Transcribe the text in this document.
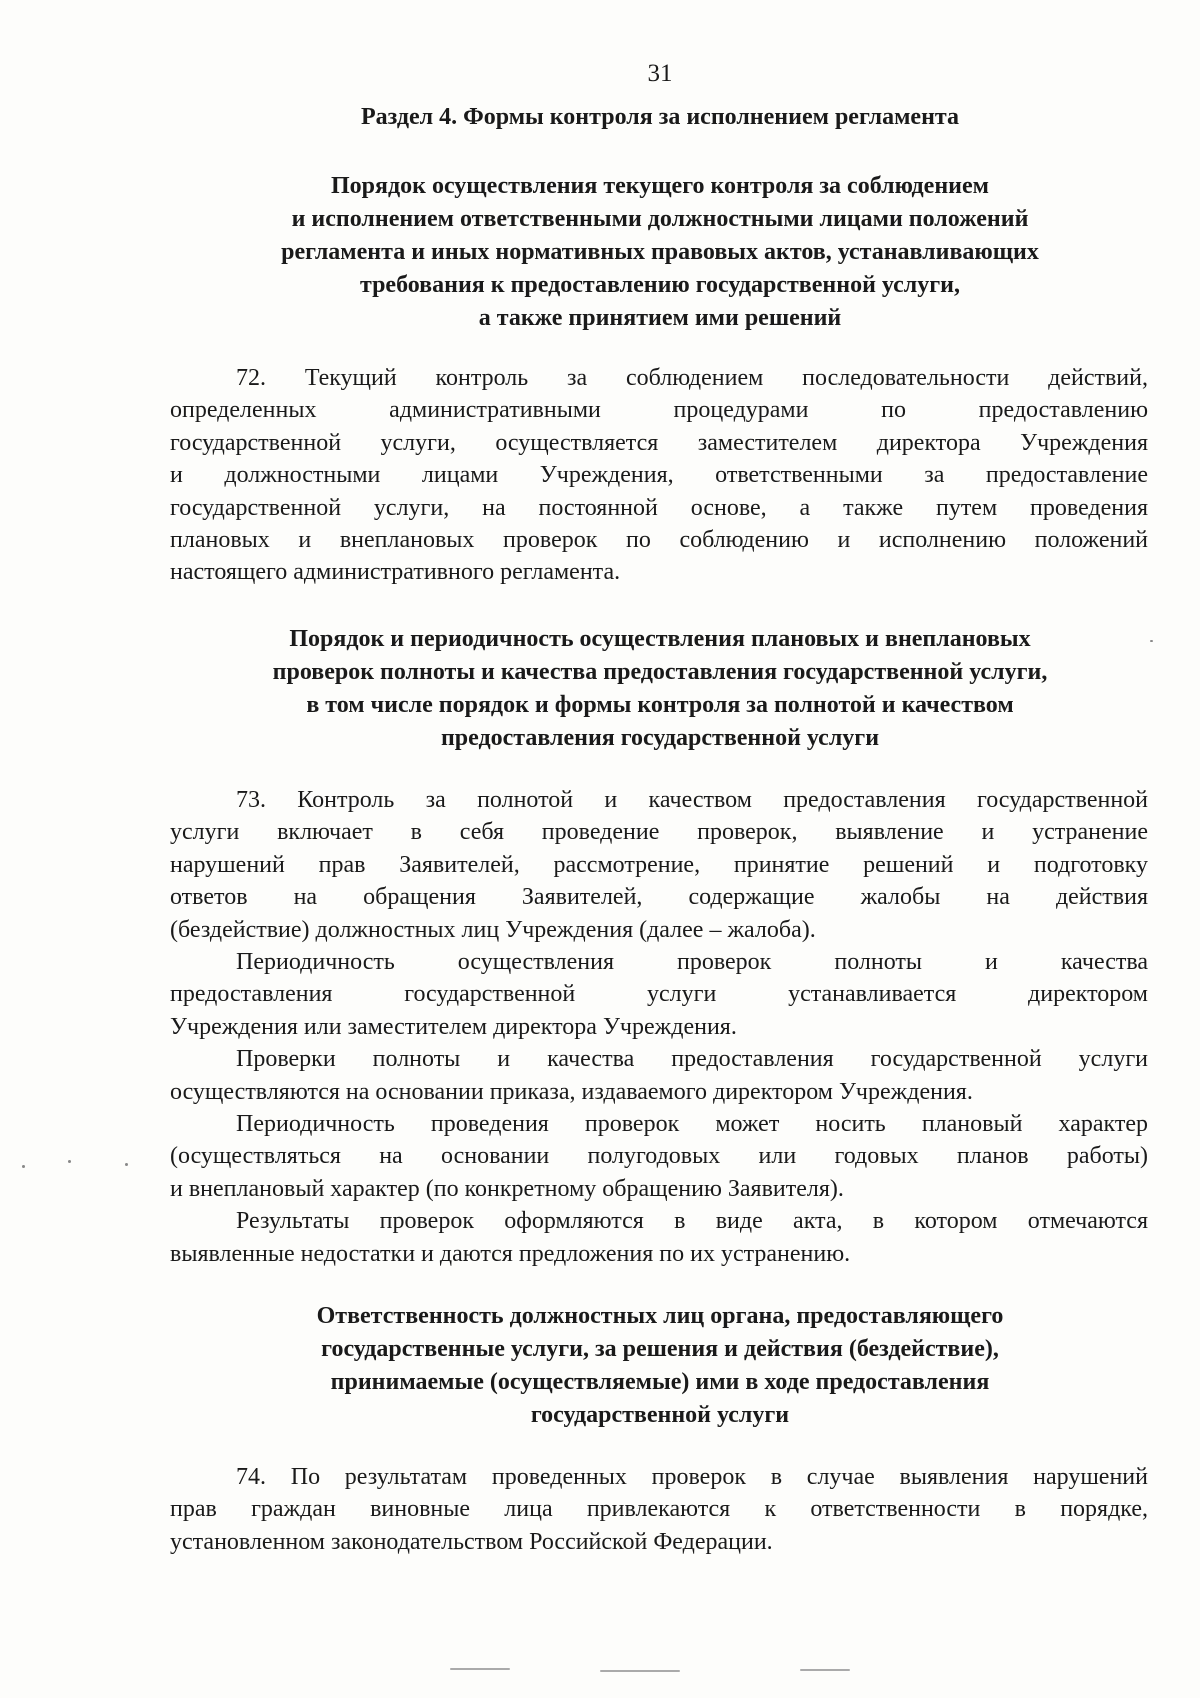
31
Раздел 4. Формы контроля за исполнением регламента
Порядок осуществления текущего контроля за соблюдением
и исполнением ответственными должностными лицами положений
регламента и иных нормативных правовых актов, устанавливающих
требования к предоставлению государственной услуги,
а также принятием ими решений
72. Текущий контроль за соблюдением последовательности действий,
определенных административными процедурами по предоставлению
государственной услуги, осуществляется заместителем директора Учреждения
и должностными лицами Учреждения, ответственными за предоставление
государственной услуги, на постоянной основе, а также путем проведения
плановых и внеплановых проверок по соблюдению и исполнению положений
настоящего административного регламента.
Порядок и периодичность осуществления плановых и внеплановых
проверок полноты и качества предоставления государственной услуги,
в том числе порядок и формы контроля за полнотой и качеством
предоставления государственной услуги
73. Контроль за полнотой и качеством предоставления государственной
услуги включает в себя проведение проверок, выявление и устранение
нарушений прав Заявителей, рассмотрение, принятие решений и подготовку
ответов на обращения Заявителей, содержащие жалобы на действия
(бездействие) должностных лиц Учреждения (далее – жалоба).
Периодичность осуществления проверок полноты и качества
предоставления государственной услуги устанавливается директором
Учреждения или заместителем директора Учреждения.
Проверки полноты и качества предоставления государственной услуги
осуществляются на основании приказа, издаваемого директором Учреждения.
Периодичность проведения проверок может носить плановый характер
(осуществляться на основании полугодовых или годовых планов работы)
и внеплановый характер (по конкретному обращению Заявителя).
Результаты проверок оформляются в виде акта, в котором отмечаются
выявленные недостатки и даются предложения по их устранению.
Ответственность должностных лиц органа, предоставляющего
государственные услуги, за решения и действия (бездействие),
принимаемые (осуществляемые) ими в ходе предоставления
государственной услуги
74. По результатам проведенных проверок в случае выявления нарушений
прав граждан виновные лица привлекаются к ответственности в порядке,
установленном законодательством Российской Федерации.
